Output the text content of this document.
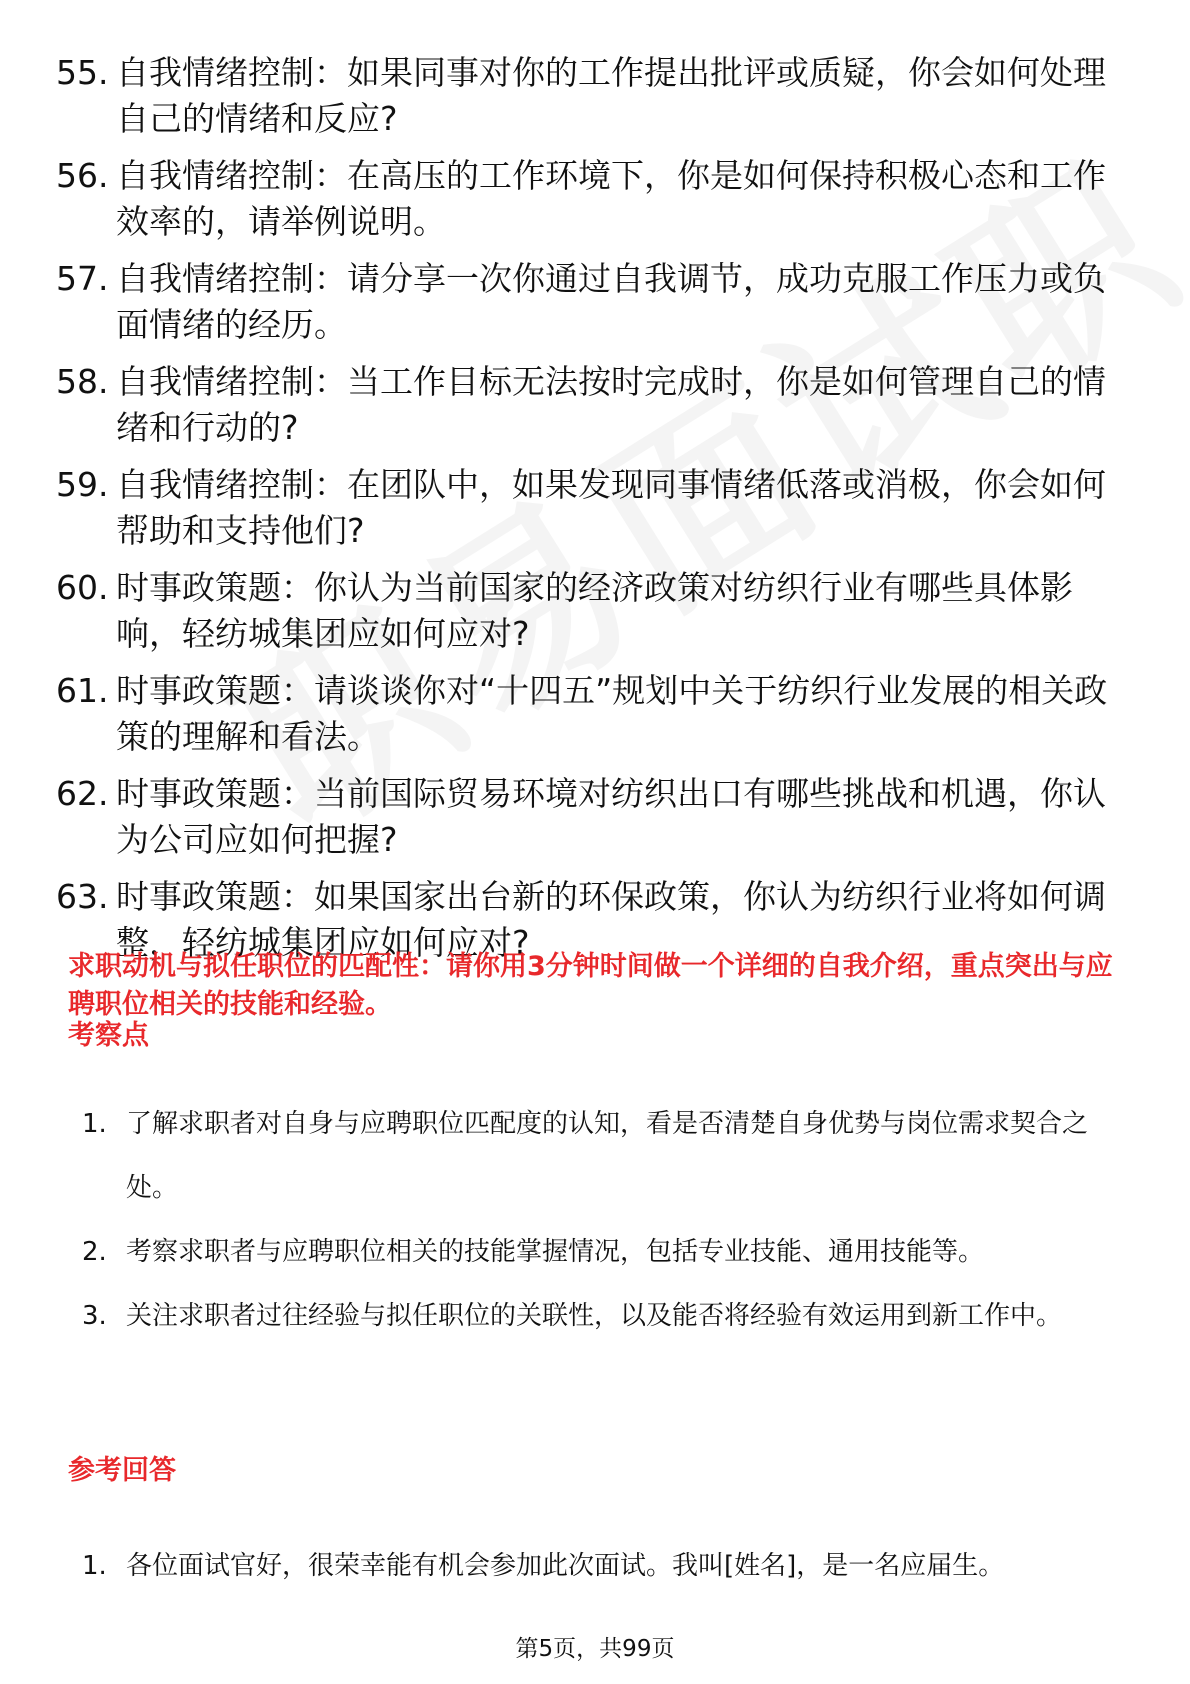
55. 自我情绪控制：如果同事对你的工作提出批评或质疑，你会如何处理自己的情绪和反应?
56. 自我情绪控制：在高压的工作环境下，你是如何保持积极心态和工作效率的，请举例说明。
57. 自我情绪控制：请分享一次你通过自我调节，成功克服工作压力或负面情绪的经历。
58. 自我情绪控制：当工作目标无法按时完成时，你是如何管理自己的情绪和行动的?
59. 自我情绪控制：在团队中，如果发现同事情绪低落或消极，你会如何帮助和支持他们?
60. 时事政策题：你认为当前国家的经济政策对纺织行业有哪些具体影响，轻纺城集团应如何应对?
61. 时事政策题：请谈谈你对“十四五”规划中关于纺织行业发展的相关政策的理解和看法。
62. 时事政策题：当前国际贸易环境对纺织出口有哪些挑战和机遇，你认为公司应如何把握?
63. 时事政策题：如果国家出台新的环保政策，你认为纺织行业将如何调整，轻纺城集团应如何应对?
求职动机与拟任职位的匹配性：请你用3分钟时间做一个详细的自我介绍，重点突出与应聘职位相关的技能和经验。
考察点
1. 了解求职者对自身与应聘职位匹配度的认知，看是否清楚自身优势与岗位需求契合之处。
2. 考察求职者与应聘职位相关的技能掌握情况，包括专业技能、通用技能等。
3. 关注求职者过往经验与拟任职位的关联性，以及能否将经验有效运用到新工作中。
参考回答
1. 各位面试官好，很荣幸能有机会参加此次面试。我叫[姓名]，是一名应届生。
第5页，共99页
